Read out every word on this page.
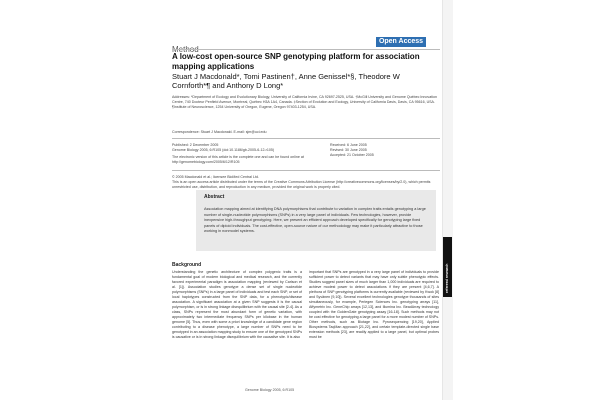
Open Access
A low-cost open-source SNP genotyping platform for association mapping applications
Stuart J Macdonald*, Tomi Pastinen†, Anne Genissel*§, Theodore W Cornforth*¶ and Anthony D Long*
Addresses: *Department of Ecology and Evolutionary Biology, University of California Irvine, CA 92697-2525, USA. †McGill University and Genome Québec Innovation Centre, 740 Docteur Penfield Avenue, Montreal, Québec H3A 1A4, Canada. ‡Section of Evolution and Ecology, University of California Davis, Davis, CA 95616, USA. ¶Institute of Neuroscience, 1254 University of Oregon, Eugene, Oregon 97403-1254, USA.
Correspondence: Stuart J Macdonald. E-mail: sjm@uci.edu
Published: 2 December 2005
Genome Biology 2005, 6:R105 (doi:10.1186/gb-2005-6-12-r105)
The electronic version of this article is the complete one and can be found online at http://genomebiology.com/2005/6/12/R105
Received: 6 June 2005
Revised: 30 June 2005
Accepted: 21 October 2005
© 2005 Macdonald et al.; licensee BioMed Central Ltd.
This is an open access article distributed under the terms of the Creative Commons Attribution License (http://creativecommons.org/licenses/by/2.0), which permits unrestricted use, distribution, and reproduction in any medium, provided the original work is properly cited.
Abstract
Association mapping aimed at identifying DNA polymorphisms that contribute to variation in complex traits entails genotyping a large number of single-nucleotide polymorphisms (SNPs) in a very large panel of individuals. Few technologies, however, provide inexpensive high-throughput genotyping. Here, we present an efficient approach developed specifically for genotyping large fixed panels of diploid individuals. The cost-effective, open-source nature of our methodology may make it particularly attractive to those working in nonmodel systems.
Background
Understanding the genetic architecture of complex polygenic traits is a fundamental goal of modern biological and medical research, and the currently favored experimental paradigm is association mapping (reviewed by Carlson et al. [1]). Association studies genotype a dense set of single nucleotide polymorphisms (SNPs) in a large panel of individuals and test each SNP, or set of local haplotypes constructed from the SNP data, for a phenotypic/disease association. A significant association at a given SNP suggests it is the causal polymorphism, or is in strong linkage disequilibrium with the causal site [2-4]. As a class, SNPs represent the most abundant form of genetic variation, with approximately two intermediate frequency SNPs per kilobase in the human genome [5]. Thus, even with some a priori knowledge of a candidate gene region contributing to a disease phenotype, a large number of SNPs need to be genotyped in an association mapping study to ensure one of the genotyped SNPs is causative or is in strong linkage disequilibrium with the causative site. It is also
important that SNPs are genotyped in a very large panel of individuals to provide sufficient power to detect variants that may have only subtle phenotypic effects. Studies suggest panel sizes of much larger than 1,000 individuals are required to achieve modest power to detect associations if they are present [4,6,7]. A plethora of SNP genotyping platforms is currently available (reviewed by Kwok [8] and Syvänen [9,10]). Several excellent technologies genotype thousands of sites simultaneously, for example, Perlegen Sciences Inc. genotyping arrays [11], Affymetrix Inc. GeneChip arrays [12,13], and Illumina Inc. BeadArray technology coupled with the GoldenGate genotyping assay [16-18]. Such methods may not be cost effective for genotyping a large panel for a more modest number of SNPs. Other methods, such as Biotage Inc. Pyrosequencing [19,20], Applied Biosystems TaqMan approach [21,22], and certain template-directed single base extension methods [23], are readily applied to a large panel, but optimal probes must be
Genome Biology 2005, 6:R105
refereed research
